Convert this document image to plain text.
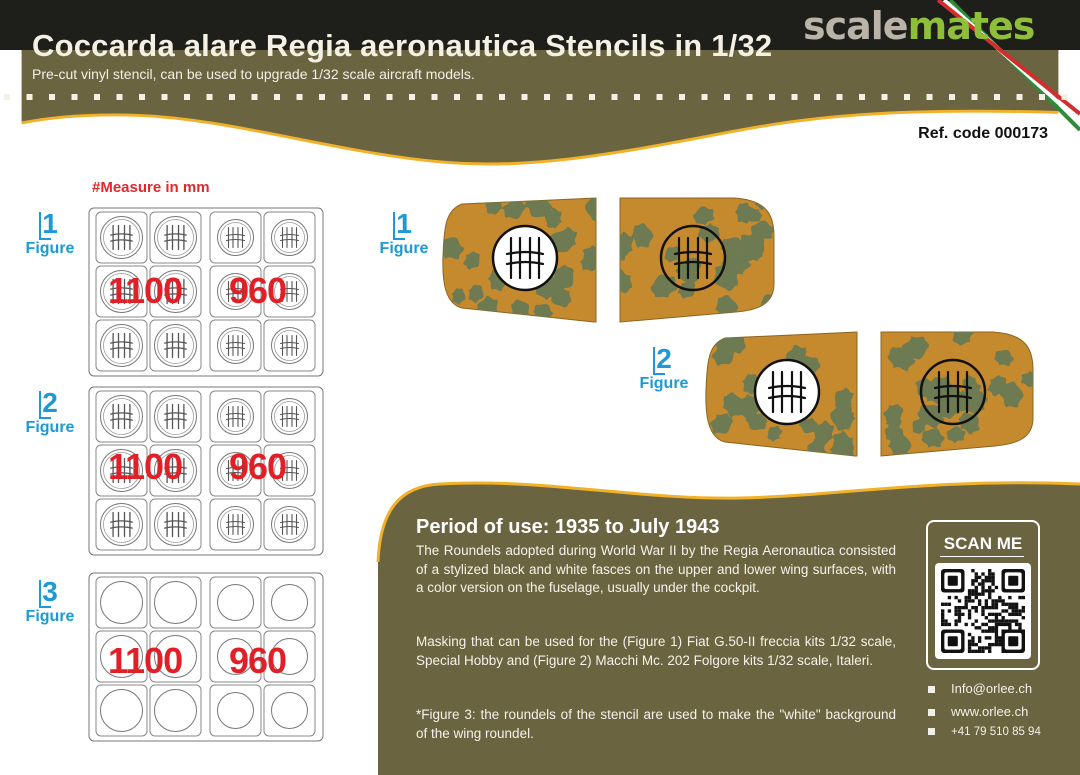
Coccarda alare Regia aeronautica Stencils in 1/32
Pre-cut vinyl stencil, can be used to upgrade 1/32 scale aircraft models.
scalemates
Ref. code 000173
#Measure in mm
1
Figure
2
Figure
3
Figure
1100 960
1100 960
1100 960
1
Figure
2
Figure
Period of use: 1935 to July 1943
The Roundels adopted during World War II by the Regia Aeronautica consisted of a stylized black and white fasces on the upper and lower wing surfaces, with a color version on the fuselage, usually under the cockpit.
Masking that can be used for the (Figure 1) Fiat G.50-II freccia kits 1/32 scale, Special Hobby and (Figure 2) Macchi Mc. 202 Folgore kits 1/32 scale, Italeri.
*Figure 3: the roundels of the stencil are used to make the "white" background of the wing roundel.
SCAN ME
Info@orlee.ch
www.orlee.ch
+41 79 510 85 94
